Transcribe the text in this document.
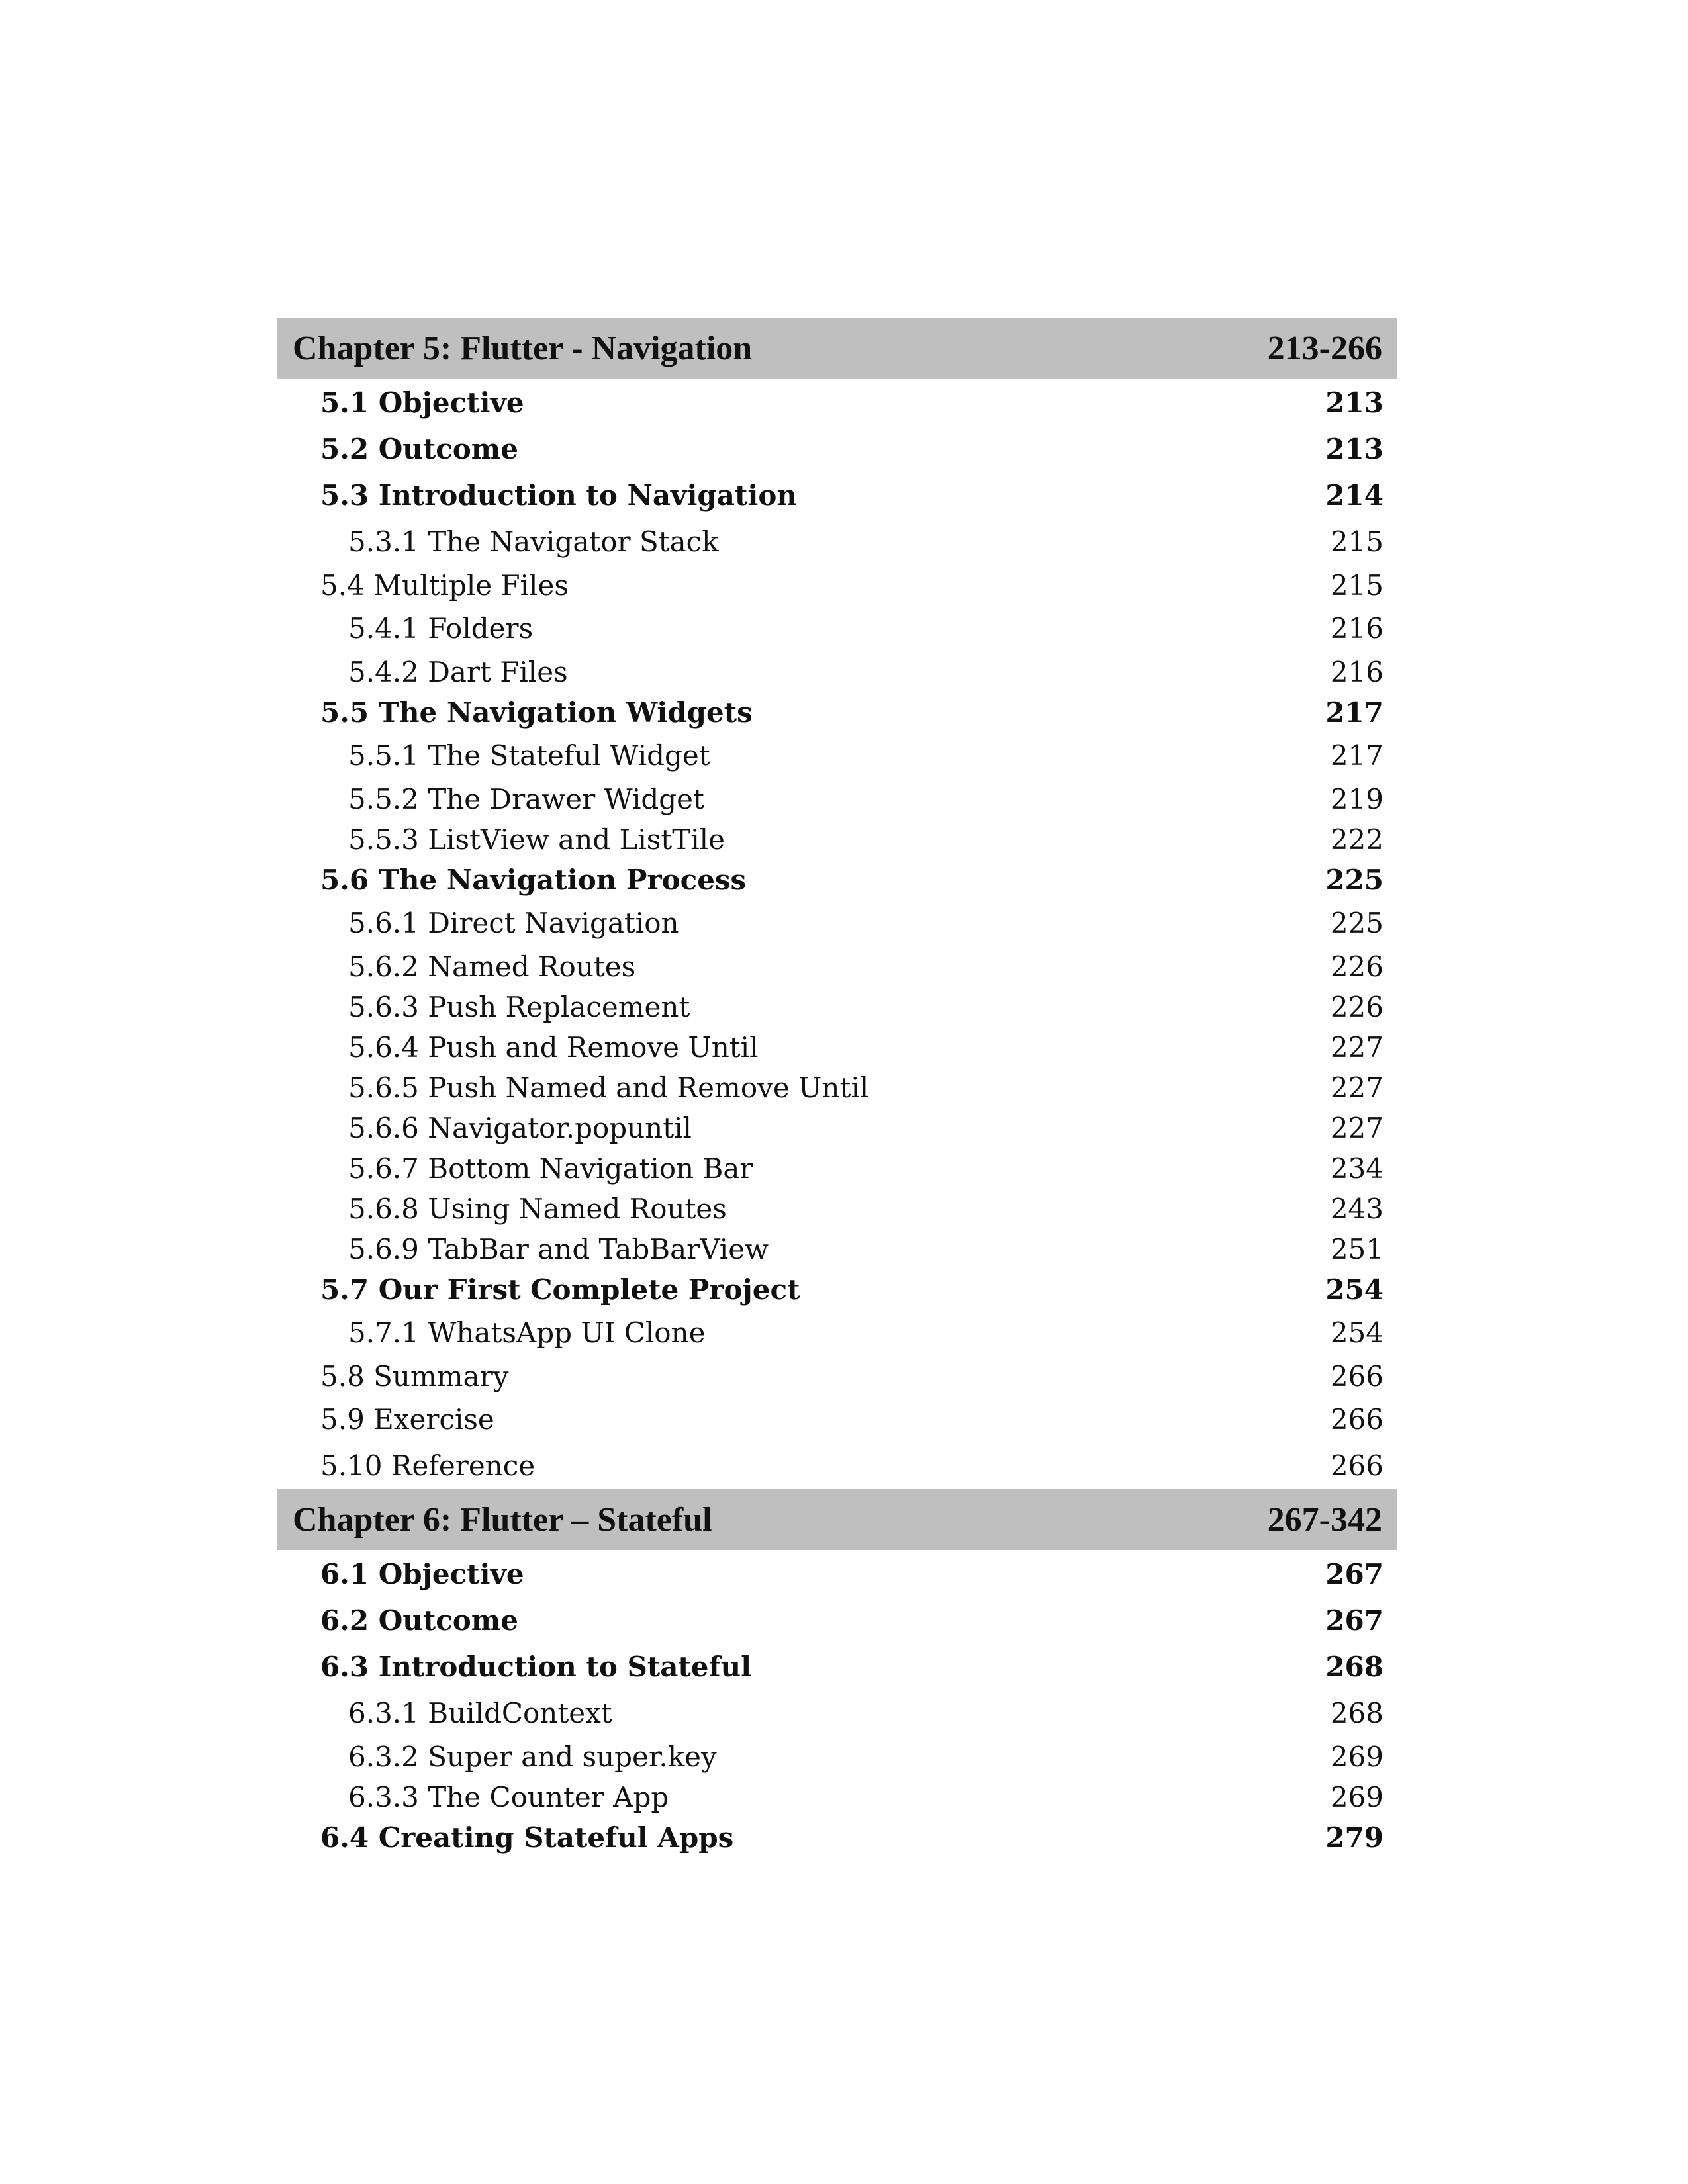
Chapter 5: Flutter - Navigation	213-266
5.1 Objective	213
5.2 Outcome	213
5.3 Introduction to Navigation	214
5.3.1 The Navigator Stack	215
5.4 Multiple Files	215
5.4.1 Folders	216
5.4.2 Dart Files	216
5.5 The Navigation Widgets	217
5.5.1 The Stateful Widget	217
5.5.2 The Drawer Widget	219
5.5.3 ListView and ListTile	222
5.6 The Navigation Process	225
5.6.1 Direct Navigation	225
5.6.2 Named Routes	226
5.6.3 Push Replacement	226
5.6.4 Push and Remove Until	227
5.6.5 Push Named and Remove Until	227
5.6.6 Navigator.popuntil	227
5.6.7 Bottom Navigation Bar	234
5.6.8 Using Named Routes	243
5.6.9 TabBar and TabBarView	251
5.7 Our First Complete Project	254
5.7.1 WhatsApp UI Clone	254
5.8 Summary	266
5.9 Exercise	266
5.10 Reference	266
Chapter 6: Flutter – Stateful	267-342
6.1 Objective	267
6.2 Outcome	267
6.3 Introduction to Stateful	268
6.3.1 BuildContext	268
6.3.2 Super and super.key	269
6.3.3 The Counter App	269
6.4 Creating Stateful Apps	279
